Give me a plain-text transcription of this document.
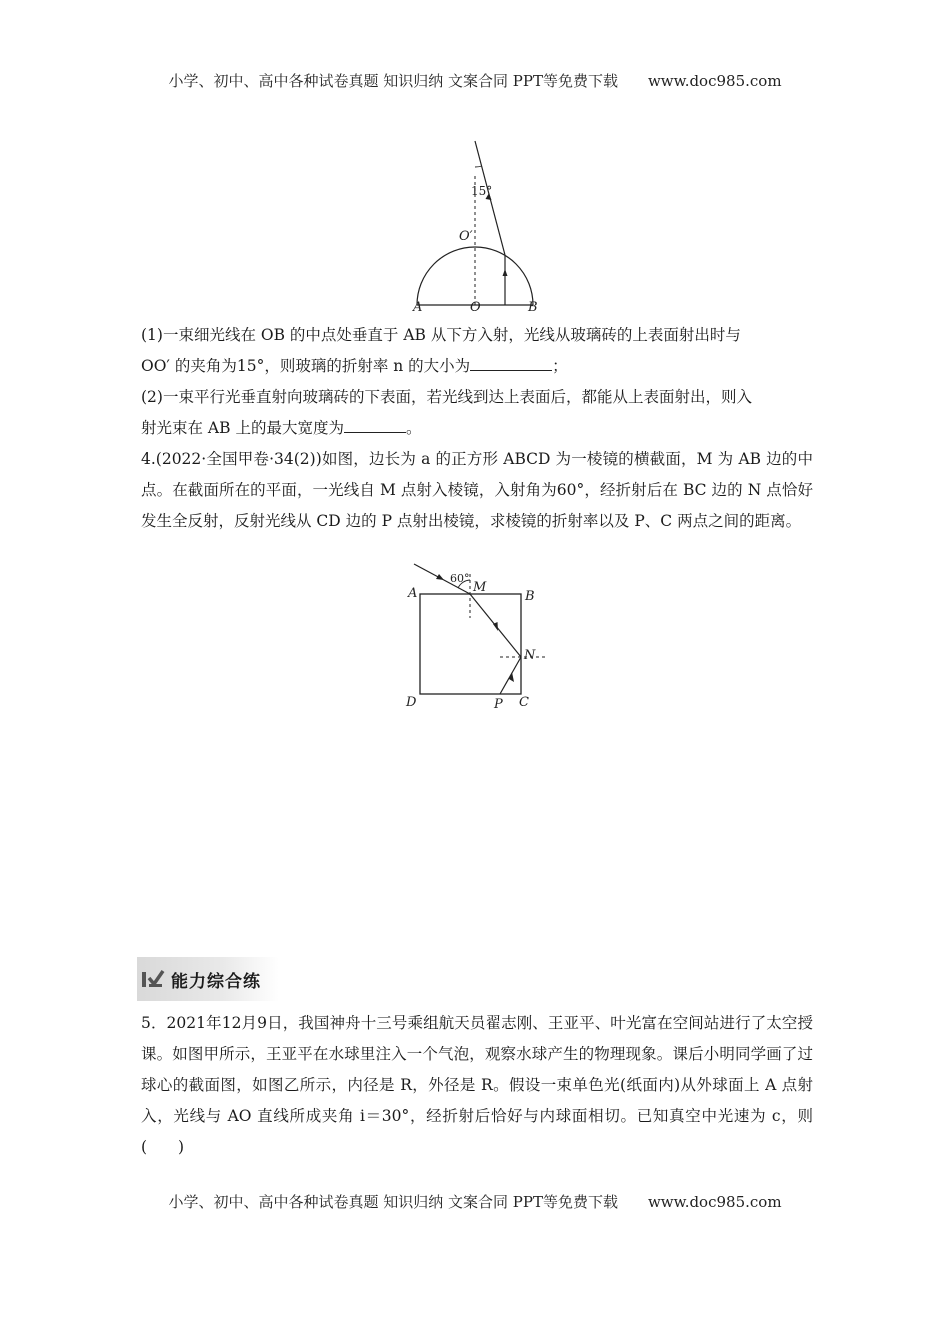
小学、初中、高中各种试卷真题 知识归纳 文案合同 PPT等免费下载 www.doc985.com
15°
O′
A	O	B
(1)一束细光线在 OB 的中点处垂直于 AB 从下方入射，光线从玻璃砖的上表面射出时与
OO′ 的夹角为15°，则玻璃的折射率 n 的大小为	；
(2)一束平行光垂直射向玻璃砖的下表面，若光线到达上表面后，都能从上表面射出，则入
射光束在 AB 上的最大宽度为	。
4.(2022·全国甲卷·34(2))如图，边长为 a 的正方形 ABCD 为一棱镜的横截面，M 为 AB 边的中点。在截面所在的平面，一光线自 M 点射入棱镜，入射角为60°，经折射后在 BC 边的 N 点恰好发生全反射，反射光线从 CD 边的 P 点射出棱镜，求棱镜的折射率以及 P、C 两点之间的距离。
60°
A	M
B
N
D	P C
能力综合练
5．2021年12月9日，我国神舟十三号乘组航天员翟志刚、王亚平、叶光富在空间站进行了太空授课。如图甲所示，王亚平在水球里注入一个气泡，观察水球产生的物理现象。课后小明同学画了过球心的截面图，如图乙所示，内径是 R，外径是 R。假设一束单色光(纸面内)从外球面上 A 点射入，光线与 AO 直线所成夹角 i＝30°，经折射后恰好与内球面相切。已知真空中光速为 c，则(　　)
小学、初中、高中各种试卷真题 知识归纳 文案合同 PPT等免费下载 www.doc985.com
